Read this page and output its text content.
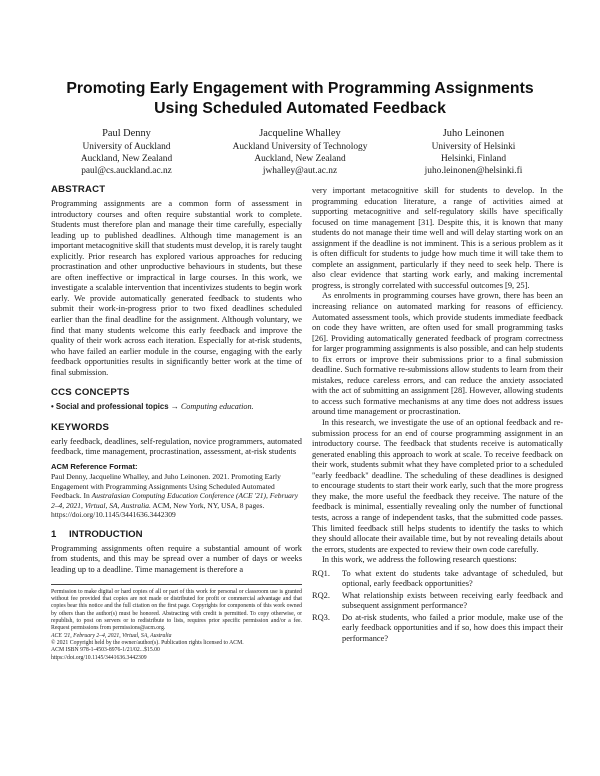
Promoting Early Engagement with Programming Assignments
Using Scheduled Automated Feedback
Paul Denny
University of Auckland
Auckland, New Zealand
paul@cs.auckland.ac.nz
Jacqueline Whalley
Auckland University of Technology
Auckland, New Zealand
jwhalley@aut.ac.nz
Juho Leinonen
University of Helsinki
Helsinki, Finland
juho.leinonen@helsinki.fi
ABSTRACT

Programming assignments are a common form of assessment in introductory courses and often require substantial work to complete. Students must therefore plan and manage their time carefully, especially leading up to published deadlines. Although time management is an important metacognitive skill that students must develop, it is rarely taught explicitly. Prior research has explored various approaches for reducing procrastination and other unproductive behaviours in students, but these are often ineffective or impractical in large courses. In this work, we investigate a scalable intervention that incentivizes students to begin work early. We provide automatically generated feedback to students who submit their work-in-progress prior to two fixed deadlines scheduled earlier than the final deadline for the assignment. Although voluntary, we find that many students welcome this early feedback and improve the quality of their work across each iteration. Especially for at-risk students, who have failed an earlier module in the course, engaging with the early feedback opportunities results in significantly better work at the time of final submission.

CCS CONCEPTS

• Social and professional topics → Computing education.

KEYWORDS

early feedback, deadlines, self-regulation, novice programmers, automated feedback, time management, procrastination, assessment, at-risk students

ACM Reference Format:

Paul Denny, Jacqueline Whalley, and Juho Leinonen. 2021. Promoting Early Engagement with Programming Assignments Using Scheduled Automated Feedback. In Australasian Computing Education Conference (ACE '21), February 2–4, 2021, Virtual, SA, Australia. ACM, New York, NY, USA, 8 pages. https://doi.org/10.1145/3441636.3442309

1 INTRODUCTION

Programming assignments often require a substantial amount of work from students, and this may be spread over a number of days or weeks leading up to a deadline. Time management is therefore a

Permission to make digital or hard copies of all or part of this work for personal or classroom use is granted without fee provided that copies are not made or distributed for profit or commercial advantage and that copies bear this notice and the full citation on the first page. Copyrights for components of this work owned by others than the author(s) must be honored. Abstracting with credit is permitted. To copy otherwise, or republish, to post on servers or to redistribute to lists, requires prior specific permission and/or a fee. Request permissions from permissions@acm.org.

ACE '21, February 2–4, 2021, Virtual, SA, Australia

© 2021 Copyright held by the owner/author(s). Publication rights licensed to ACM.

ACM ISBN 978-1-4503-8976-1/21/02...$15.00

https://doi.org/10.1145/3441636.3442309

very important metacognitive skill for students to develop. In the programming education literature, a range of activities aimed at supporting metacognitive and self-regulatory skills have specifically focused on time management [31]. Despite this, it is known that many students do not manage their time well and will delay starting work on an assignment if the deadline is not imminent. This is a serious problem as it is often difficult for students to judge how much time it will take them to complete an assignment, particularly if they need to seek help. There is also clear evidence that starting work early, and making incremental progress, is strongly correlated with successful outcomes [9, 25].

As enrolments in programming courses have grown, there has been an increasing reliance on automated marking for reasons of efficiency. Automated assessment tools, which provide students immediate feedback on code they have written, are often used for small programming tasks [26]. Providing automatically generated feedback of program correctness for larger programming assignments is also possible, and can help students to fix errors or improve their submissions prior to a final submission deadline. Such formative re-submissions allow students to learn from their mistakes, reduce careless errors, and can reduce the anxiety associated with the act of submitting an assignment [28]. However, allowing students to access such formative mechanisms at any time does not address issues around time management or procrastination.

In this research, we investigate the use of an optional feedback and re-submission process for an end of course programming assignment in an introductory course. The feedback that students receive is automatically generated enabling this approach to work at scale. To receive feedback on their work, students submit what they have completed prior to a scheduled "early feedback" deadline. The scheduling of these deadlines is designed to encourage students to start their work early, such that the more progress they make, the more useful the feedback they receive. The nature of the feedback is minimal, essentially revealing only the number of functional tests, across a range of independent tasks, that the submitted code passes. This limited feedback still helps students to identify the tasks to which they should allocate their available time, but by not revealing details about the errors, students are expected to review their own code carefully.

In this work, we address the following research questions:

RQ1.	To what extent do students take advantage of scheduled, but optional, early feedback opportunities?
RQ2.	What relationship exists between receiving early feedback and subsequent assignment performance?
RQ3.	Do at-risk students, who failed a prior module, make use of the early feedback opportunities and if so, how does this impact their performance?
